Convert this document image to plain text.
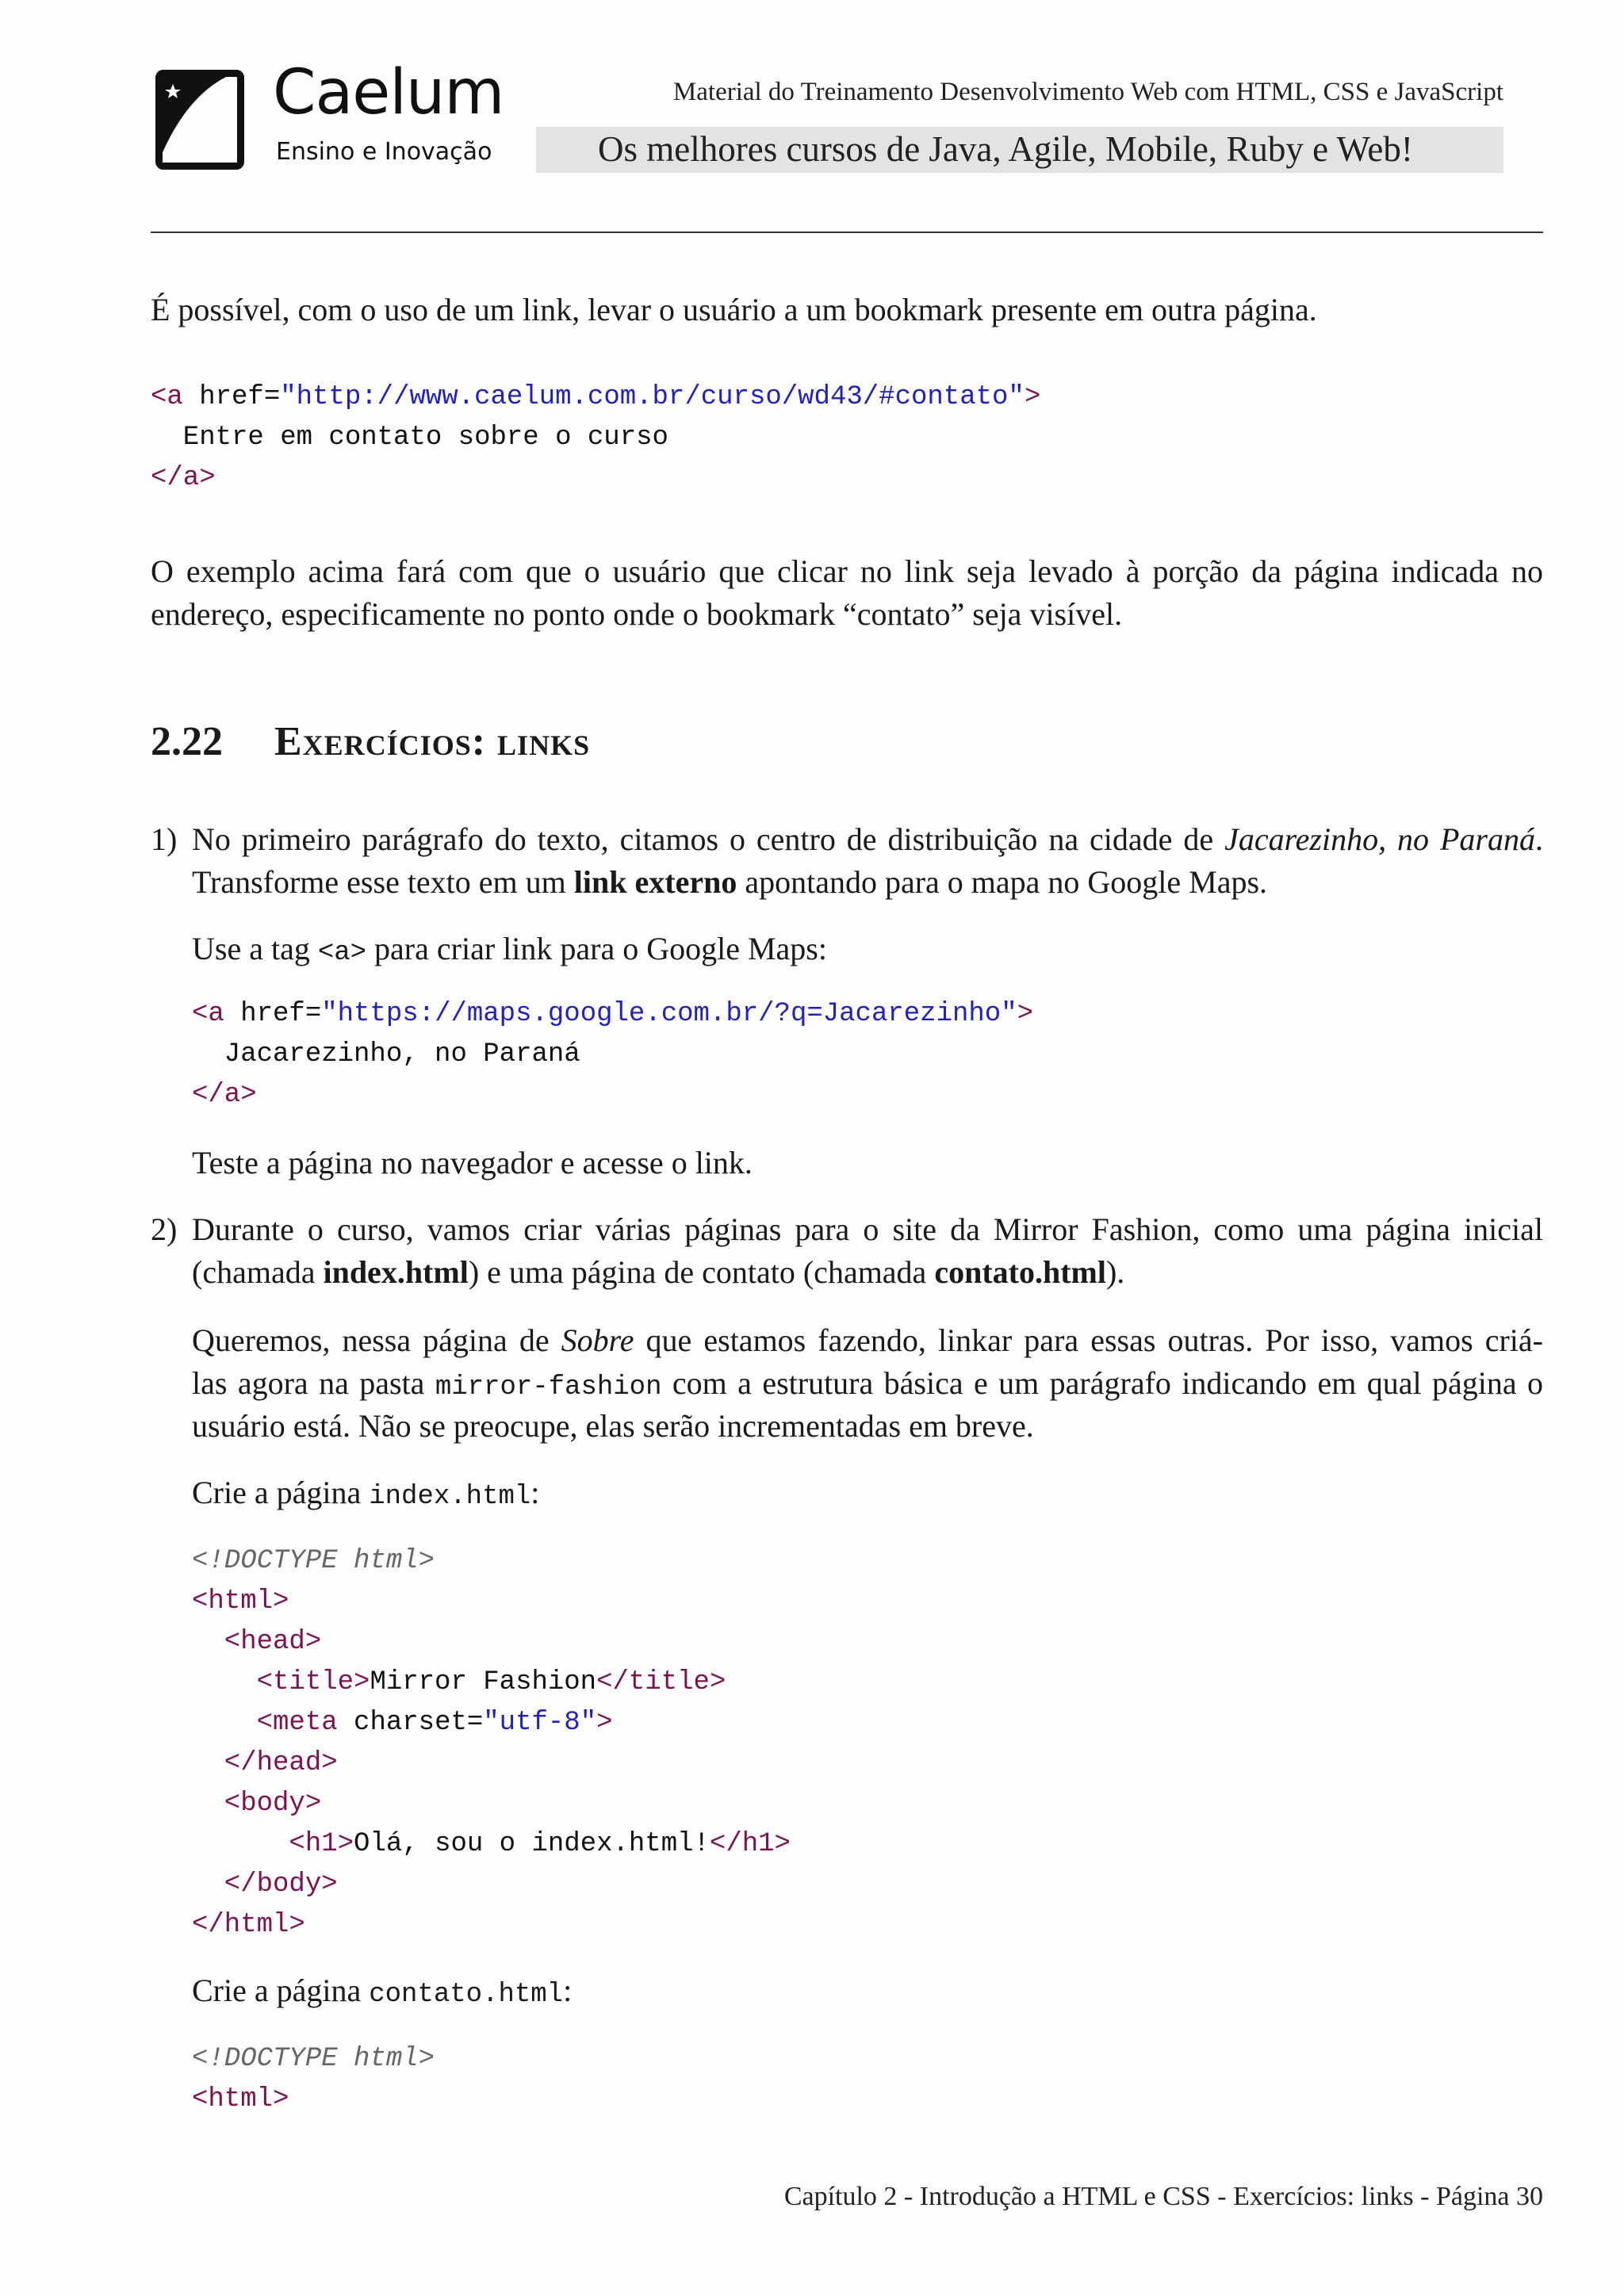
Caelum
Ensino e Inovação
Material do Treinamento Desenvolvimento Web com HTML, CSS e JavaScript
Os melhores cursos de Java, Agile, Mobile, Ruby e Web!
É possível, com o uso de um link, levar o usuário a um bookmark presente em outra página.
<a href="http://www.caelum.com.br/curso/wd43/#contato">
Entre em contato sobre o curso
</a>
O exemplo acima fará com que o usuário que clicar no link seja levado à porção da página indicada no
endereço, especificamente no ponto onde o bookmark “contato” seja visível.
2.22 Exercícios: links
1) No primeiro parágrafo do texto, citamos o centro de distribuição na cidade de Jacarezinho, no Paraná.
Transforme esse texto em um link externo apontando para o mapa no Google Maps.
Use a tag <a> para criar link para o Google Maps:
<a href="https://maps.google.com.br/?q=Jacarezinho">
Jacarezinho, no Paraná
</a>
Teste a página no navegador e acesse o link.
2) Durante o curso, vamos criar várias páginas para o site da Mirror Fashion, como uma página inicial
(chamada index.html) e uma página de contato (chamada contato.html).
Queremos, nessa página de Sobre que estamos fazendo, linkar para essas outras. Por isso, vamos criá-
las agora na pasta mirror-fashion com a estrutura básica e um parágrafo indicando em qual página o
usuário está. Não se preocupe, elas serão incrementadas em breve.
Crie a página index.html:
<!DOCTYPE html>
<html>
<head>
<title>Mirror Fashion</title>
<meta charset="utf-8">
</head>
<body>
<h1>Olá, sou o index.html!</h1>
</body>
</html>
Crie a página contato.html:
<!DOCTYPE html>
<html>
Capítulo 2 - Introdução a HTML e CSS - Exercícios: links - Página 30
